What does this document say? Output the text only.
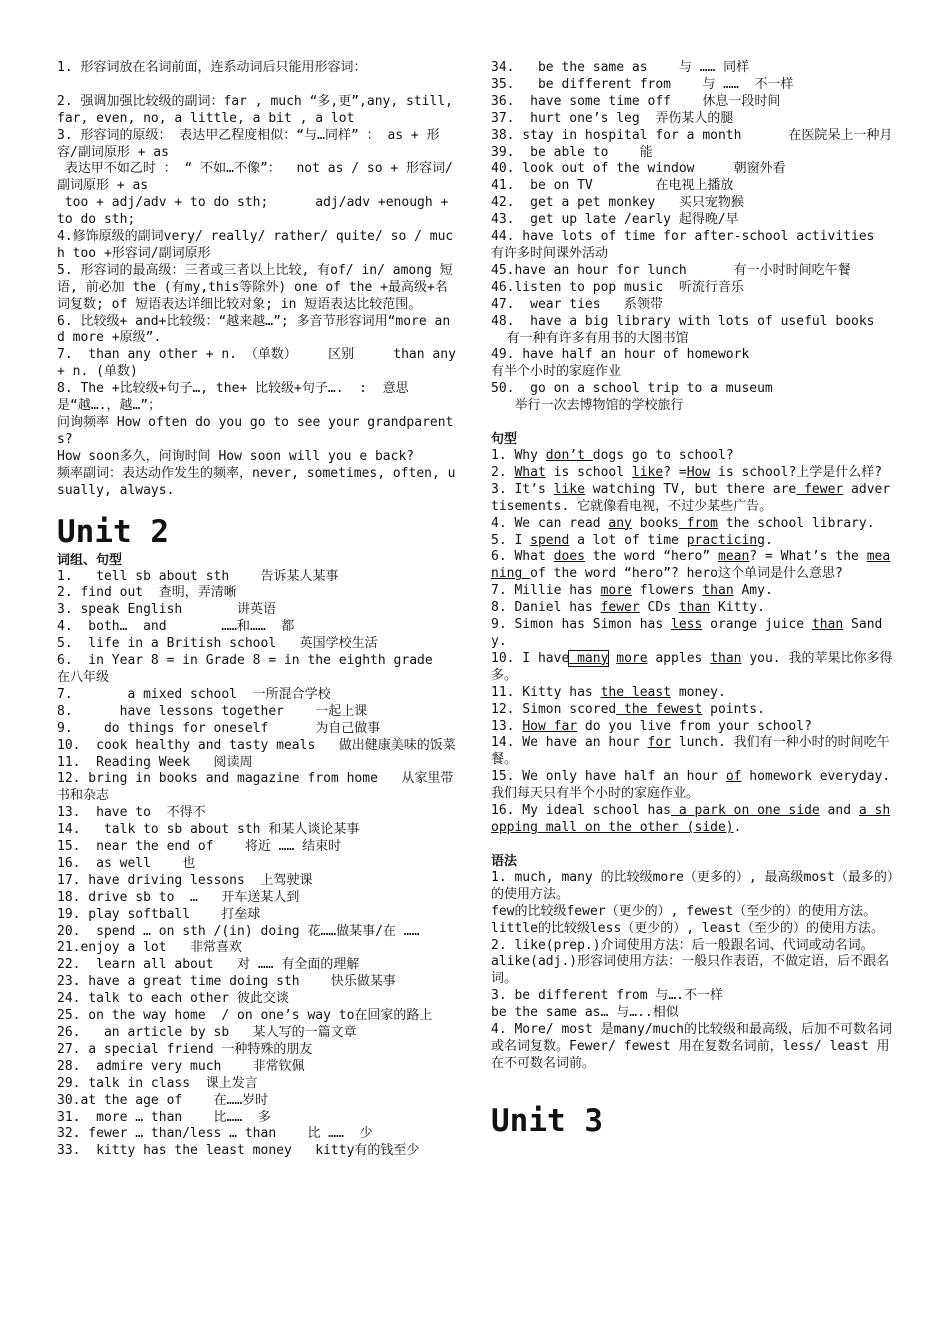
1. 形容词放在名词前面，连系动词后只能用形容词：
2. 强调加强比较级的副词：far , much “多,更”,any, still,  far, even, no, a little, a bit , a lot
3. 形容词的原级： 表达甲乙程度相似：“与…同样” ： as + 形容/副词原形 + as
表达甲不如乙时 ： “ 不如…不像”：  not as / so + 形容词/副词原形 + as
too + adj/adv + to do sth;      adj/adv +enough + to do sth;
4.修饰原级的副词very/ really/ rather/ quite/ so / much too +形容词/副词原形
5. 形容词的最高级：三者或三者以上比较, 有of/ in/ among 短语, 前必加 the (有my,this等除外) one of the +最高级+名词复数; of 短语表达详细比较对象; in 短语表达比较范围。
6. 比较级+ and+比较级：“越来越…”; 多音节形容词用“more and more +原级”.
7.  than any other + n. （单数）    区别     than any + n. (单数)
8. The +比较级+句子…, the+ 比较级+句子….  :  意思是“越….，越…”；
问询频率 How often do you go to see your grandparents?
How soon多久，问询时间 How soon will you e back?
频率副词：表达动作发生的频率，never, sometimes, often, usually, always.
Unit 2
词组、句型
1.   tell sb about sth    告诉某人某事
2. find out  查明，弄清晰
3. speak English       讲英语
4.  both…  and       ……和……  都
5.  life in a British school   英国学校生活
6.  in Year 8 = in Grade 8 = in the eighth grade  在八年级
7.       a mixed school  一所混合学校
8.      have lessons together    一起上课
9.    do things for oneself      为自己做事
10.  cook healthy and tasty meals   做出健康美味的饭菜
11.  Reading Week   阅读周
12. bring in books and magazine from home   从家里带书和杂志
13.  have to  不得不
14.   talk to sb about sth 和某人谈论某事
15.  near the end of    将近 …… 结束时
16.  as well    也
17. have driving lessons  上驾驶课
18. drive sb to  …   开车送某人到
19. play softball    打垒球
20.  spend … on sth /(in) doing 花……做某事/在 ……
21.enjoy a lot   非常喜欢
22.  learn all about   对 …… 有全面的理解
23. have a great time doing sth    快乐做某事
24. talk to each other 彼此交谈
25. on the way home  / on one’s way to在回家的路上
26.   an article by sb   某人写的一篇文章
27. a special friend 一种特殊的朋友
28.  admire very much    非常钦佩
29. talk in class  课上发言
30.at the age of    在……岁时
31.  more … than    比……  多
32. fewer … than/less … than    比 ……  少
33.  kitty has the least money   kitty有的钱至少
34.   be the same as    与 …… 同样
35.   be different from    与 ……  不一样
36.  have some time off    休息一段时间
37.  hurt one’s leg  弄伤某人的腿
38. stay in hospital for a month      在医院呆上一种月
39.  be able to    能
40. look out of the window     朝窗外看
41.  be on TV        在电视上播放
42.  get a pet monkey   买只宠物猴
43.  get up late /early 起得晚/早
44. have lots of time for after-school activities  有许多时间课外活动
45.have an hour for lunch      有一小时时间吃午餐
46.listen to pop music  听流行音乐
47.  wear ties   系领带
48.  have a big library with lots of useful books
有一种有许多有用书的大图书馆
49. have half an hour of homework
有半个小时的家庭作业
50.  go on a school trip to a museum
举行一次去博物馆的学校旅行
句型
1. Why don’t dogs go to school?
2. What is school like? =How is school?上学是什么样?
3. It’s like watching TV, but there are fewer advertisements. 它就像看电视，不过少某些广告。
4. We can read any books from the school library.
5. I spend a lot of time practicing.
6. What does the word “hero” mean? = What’s the meaning of the word “hero”? hero这个单词是什么意思?
7. Millie has more flowers than Amy.
8. Daniel has fewer CDs than Kitty.
9. Simon has Simon has less orange juice than Sandy.
10. I have many more apples than you. 我的苹果比你多得多。
11. Kitty has the least money.
12. Simon scored the fewest points.
13. How far do you live from your school?
14. We have an hour for lunch. 我们有一种小时的时间吃午餐。
15. We only have half an hour of homework everyday. 我们每天只有半个小时的家庭作业。
16. My ideal school has a park on one side and a shopping mall on the other (side).
语法
1. much, many 的比较级more（更多的）, 最高级most（最多的）的使用方法。
few的比较级fewer（更少的）, fewest（至少的）的使用方法。
little的比较级less（更少的）, least（至少的）的使用方法。
2. like(prep.)介词使用方法：后一般跟名词、代词或动名词。
alike(adj.)形容词使用方法：一般只作表语，不做定语，后不跟名词。
3. be different from 与….不一样
be the same as… 与…..相似
4. More/ most 是many/much的比较级和最高级，后加不可数名词或名词复数。Fewer/ fewest 用在复数名词前，less/ least 用在不可数名词前。
Unit 3
